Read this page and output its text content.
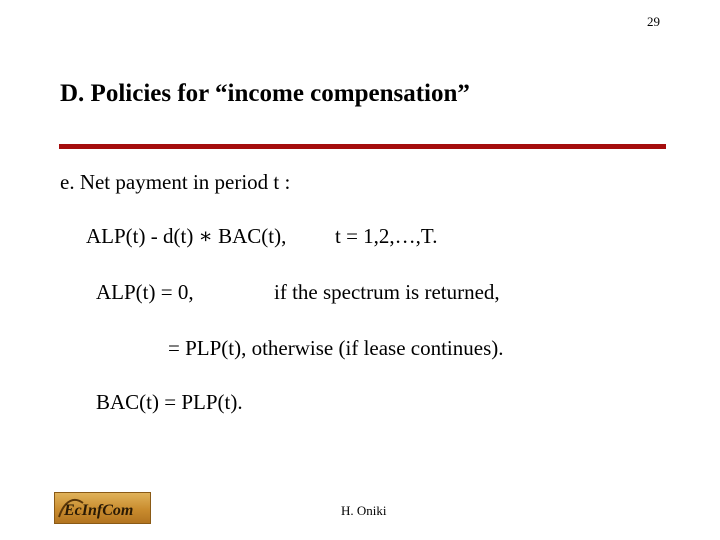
29
D. Policies for “income compensation”
e. Net payment in period t :
ALP(t) - d(t) ∗ BAC(t), t = 1,2,…,T.
ALP(t) = 0,	if the spectrum is returned,
= PLP(t), otherwise (if lease continues).
BAC(t) = PLP(t).
EcInfCom	H. Oniki
